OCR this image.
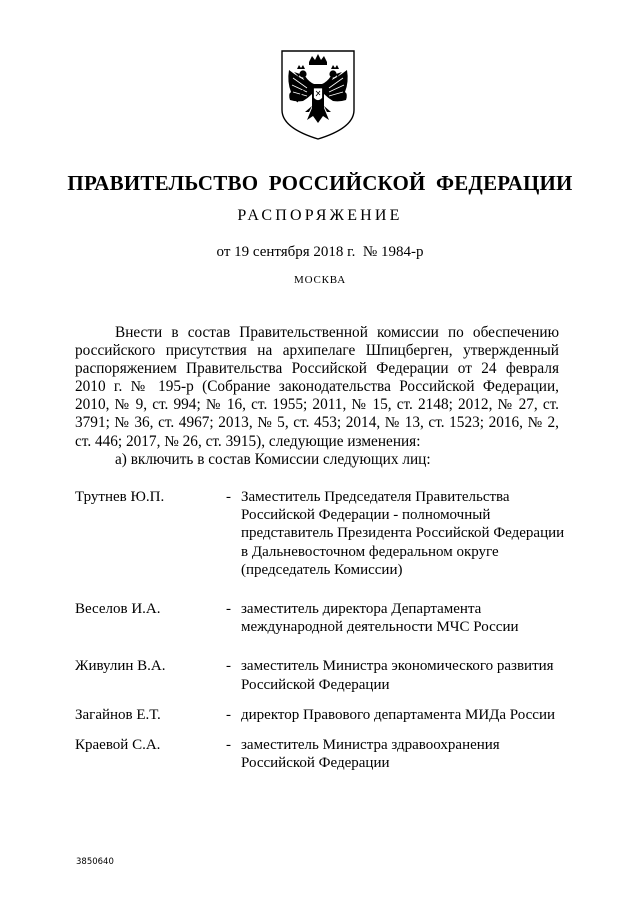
ПРАВИТЕЛЬСТВО РОССИЙСКОЙ ФЕДЕРАЦИИ
РАСПОРЯЖЕНИЕ
от 19 сентября 2018 г.  № 1984-р
МОСКВА

Внести в состав Правительственной комиссии по обеспечению российского присутствия на архипелаге Шпицберген, утвержденный распоряжением Правительства Российской Федерации от 24 февраля 2010 г. № 195-р (Собрание законодательства Российской Федерации, 2010, № 9, ст. 994; № 16, ст. 1955; 2011, № 15, ст. 2148; 2012, № 27, ст. 3791; № 36, ст. 4967; 2013, № 5, ст. 453; 2014, № 13, ст. 1523; 2016, № 2, ст. 446; 2017, № 26, ст. 3915), следующие изменения:

а) включить в состав Комиссии следующих лиц:

Трутнев Ю.П.	- Заместитель Председателя Правительства Российской Федерации - полномочный представитель Президента Российской Федерации в Дальневосточном федеральном округе (председатель Комиссии)
Веселов И.А.	- заместитель директора Департамента международной деятельности МЧС России
Живулин В.А.	- заместитель Министра экономического развития Российской Федерации
Загайнов Е.Т.	- директор Правового департамента МИДа России
Краевой С.А.	- заместитель Министра здравоохранения Российской Федерации
3850640
